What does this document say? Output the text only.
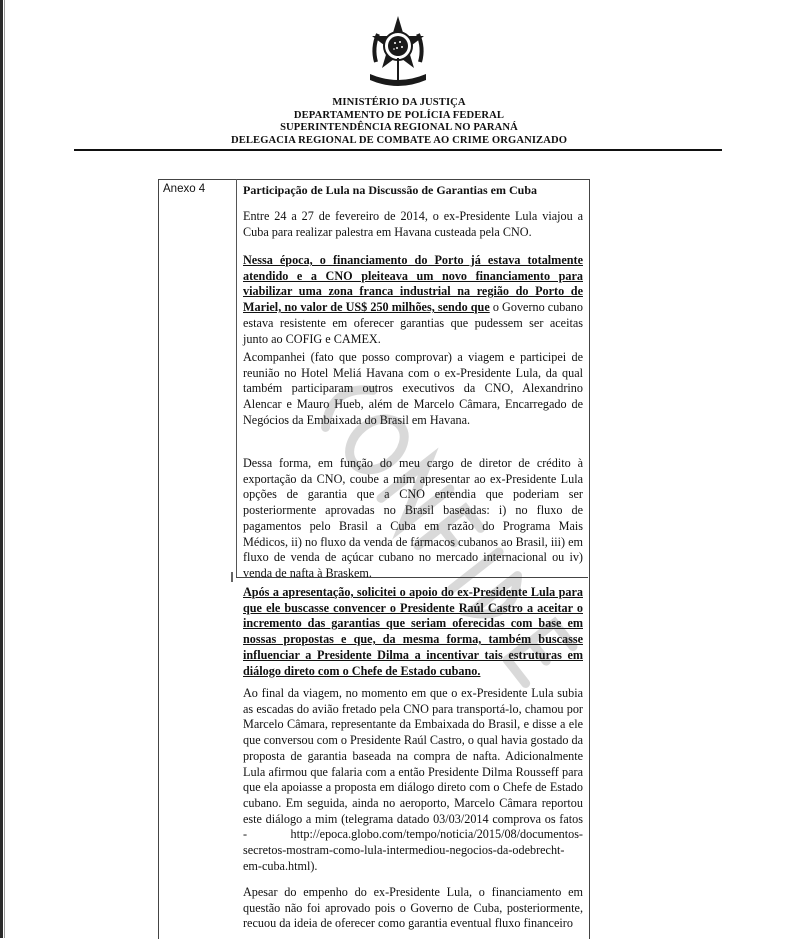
MINISTÉRIO DA JUSTIÇA
DEPARTAMENTO DE POLÍCIA FEDERAL
SUPERINTENDÊNCIA REGIONAL NO PARANÁ
DELEGACIA REGIONAL DE COMBATE AO CRIME ORGANIZADO
Anexo 4	Participação de Lula na Discussão de Garantias em Cuba
Entre 24 a 27 de fevereiro de 2014, o ex-Presidente Lula viajou a Cuba para realizar palestra em Havana custeada pela CNO.
Nessa época, o financiamento do Porto já estava totalmente atendido e a CNO pleiteava um novo financiamento para viabilizar uma zona franca industrial na região do Porto de Mariel, no valor de US$ 250 milhões, sendo que o Governo cubano estava resistente em oferecer garantias que pudessem ser aceitas junto ao COFIG e CAMEX.
Acompanhei (fato que posso comprovar) a viagem e participei de reunião no Hotel Meliá Havana com o ex-Presidente Lula, da qual também participaram outros executivos da CNO, Alexandrino Alencar e Mauro Hueb, além de Marcelo Câmara, Encarregado de Negócios da Embaixada do Brasil em Havana.
Dessa forma, em função do meu cargo de diretor de crédito à exportação da CNO, coube a mim apresentar ao ex-Presidente Lula opções de garantia que a CNO entendia que poderiam ser posteriormente aprovadas no Brasil baseadas: i) no fluxo de pagamentos pelo Brasil a Cuba em razão do Programa Mais Médicos, ii) no fluxo da venda de fármacos cubanos ao Brasil, iii) em fluxo de venda de açúcar cubano no mercado internacional ou iv) venda de nafta à Braskem.
Após a apresentação, solicitei o apoio do ex-Presidente Lula para que ele buscasse convencer o Presidente Raúl Castro a aceitar o incremento das garantias que seriam oferecidas com base em nossas propostas e que, da mesma forma, também buscasse influenciar a Presidente Dilma a incentivar tais estruturas em diálogo direto com o Chefe de Estado cubano.
Ao final da viagem, no momento em que o ex-Presidente Lula subia as escadas do avião fretado pela CNO para transportá-lo, chamou por Marcelo Câmara, representante da Embaixada do Brasil, e disse a ele que conversou com o Presidente Raúl Castro, o qual havia gostado da proposta de garantia baseada na compra de nafta. Adicionalmente Lula afirmou que falaria com a então Presidente Dilma Rousseff para que ela apoiasse a proposta em diálogo direto com o Chefe de Estado cubano. Em seguida, ainda no aeroporto, Marcelo Câmara reportou este diálogo a mim (telegrama datado 03/03/2014 comprova os fatos - http://epoca.globo.com/tempo/noticia/2015/08/documentos-secretos-mostram-como-lula-intermediou-negocios-da-odebrecht-em-cuba.html).
Apesar do empenho do ex-Presidente Lula, o financiamento em questão não foi aprovado pois o Governo de Cuba, posteriormente, recuou da ideia de oferecer como garantia eventual fluxo financeiro
